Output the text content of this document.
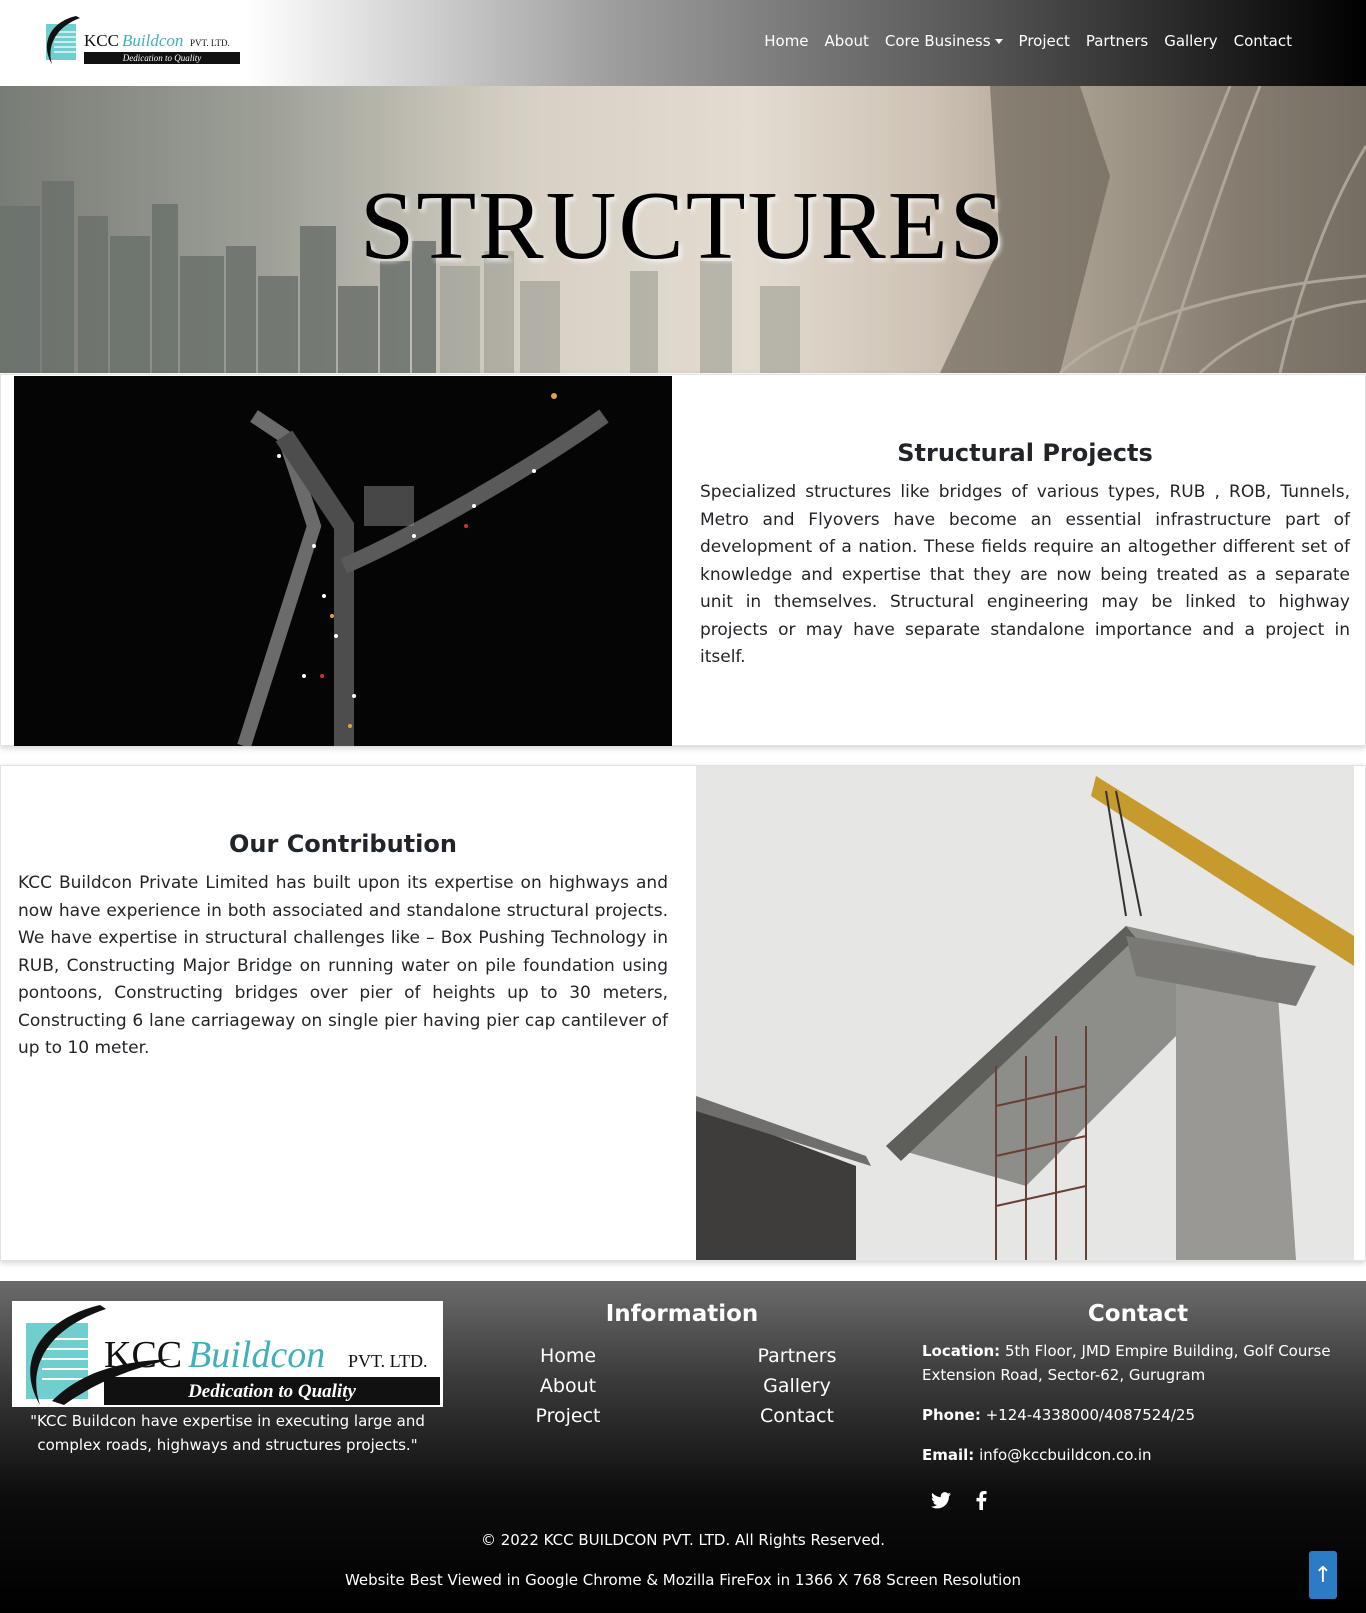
KCC Buildcon PVT. LTD.
Dedication to Quality
Home	About	Core Business	Project	Partners	Gallery	Contact
STRUCTURES
Structural Projects

Specialized structures like bridges of various types, RUB , ROB, Tunnels, Metro and Flyovers have become an essential infrastructure part of development of a nation. These fields require an altogether different set of knowledge and expertise that they are now being treated as a separate unit in themselves. Structural engineering may be linked to highway projects or may have separate standalone importance and a project in itself.

Our Contribution

KCC Buildcon Private Limited has built upon its expertise on highways and now have experience in both associated and standalone structural projects. We have expertise in structural challenges like – Box Pushing Technology in RUB, Constructing Major Bridge on running water on pile foundation using pontoons, Constructing bridges over pier of heights up to 30 meters, Constructing 6 lane carriageway on single pier having pier cap cantilever of up to 10 meter.

KCC Buildcon PVT. LTD.
Dedication to Quality
"KCC Buildcon have expertise in executing large and complex roads, highways and structures projects."
Information
Home
About
Project
Partners
Gallery
Contact
Contact

Location: 5th Floor, JMD Empire Building, Golf Course Extension Road, Sector-62, Gurugram

Phone: +124-4338000/4087524/25

Email: info@kccbuildcon.co.in

© 2022 KCC BUILDCON PVT. LTD. All Rights Reserved.
Website Best Viewed in Google Chrome & Mozilla FireFox in 1366 X 768 Screen Resolution	↑
